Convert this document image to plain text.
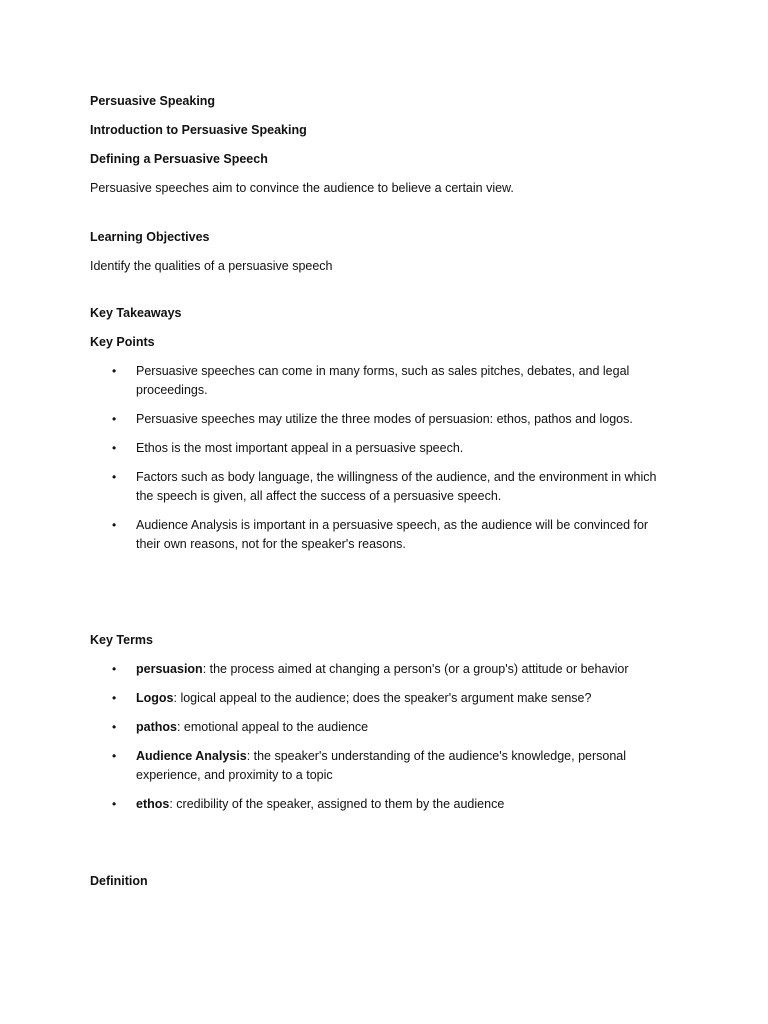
Persuasive Speaking

Introduction to Persuasive Speaking

Defining a Persuasive Speech

Persuasive speeches aim to convince the audience to believe a certain view.

Learning Objectives

Identify the qualities of a persuasive speech

Key Takeaways

Key Points

• Persuasive speeches can come in many forms, such as sales pitches, debates, and legal proceedings.
• Persuasive speeches may utilize the three modes of persuasion: ethos, pathos and logos.
• Ethos is the most important appeal in a persuasive speech.
• Factors such as body language, the willingness of the audience, and the environment in which the speech is given, all affect the success of a persuasive speech.
• Audience Analysis is important in a persuasive speech, as the audience will be convinced for their own reasons, not for the speaker's reasons.

Key Terms

• persuasion: the process aimed at changing a person's (or a group's) attitude or behavior
• Logos: logical appeal to the audience; does the speaker's argument make sense?
• pathos: emotional appeal to the audience
• Audience Analysis: the speaker's understanding of the audience's knowledge, personal experience, and proximity to a topic
• ethos: credibility of the speaker, assigned to them by the audience

Definition
